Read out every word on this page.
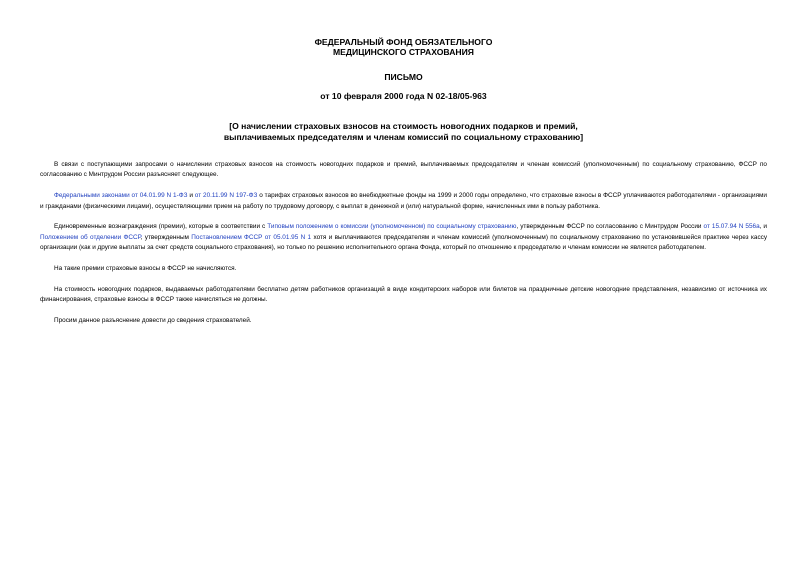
ФЕДЕРАЛЬНЫЙ ФОНД ОБЯЗАТЕЛЬНОГО
МЕДИЦИНСКОГО СТРАХОВАНИЯ
ПИСЬМО
от 10 февраля 2000 года N 02-18/05-963
[О начислении страховых взносов на стоимость новогодних подарков и премий,
выплачиваемых председателям и членам комиссий по социальному страхованию]

В связи с поступающими запросами о начислении страховых взносов на стоимость новогодних подарков и премий, выплачиваемых председателям и членам комиссий (уполномоченным) по социальному страхованию, ФССР по согласованию с Минтрудом России разъясняет следующее.

Федеральными законами от 04.01.99 N 1-ФЗ и от 20.11.99 N 197-ФЗ о тарифах страховых взносов во внебюджетные фонды на 1999 и 2000 годы определено, что страховые взносы в ФССР уплачиваются работодателями - организациями и гражданами (физическими лицами), осуществляющими прием на работу по трудовому договору, с выплат в денежной и (или) натуральной форме, начисленных ими в пользу работника.

Единовременные вознаграждения (премии), которые в соответствии с Типовым положением о комиссии (уполномоченном) по социальному страхованию, утвержденным ФССР по согласованию с Минтрудом России от 15.07.94 N 556а, и Положением об отделении ФССР, утвержденным Постановлением ФССР от 05.01.95 N 1 хотя и выплачиваются председателям и членам комиссий (уполномоченным) по социальному страхованию по установившейся практике через кассу организации (как и другие выплаты за счет средств социального страхования), но только по решению исполнительного органа Фонда, который по отношению к председателю и членам комиссии не является работодателем.

На такие премии страховые взносы в ФССР не начисляются.

На стоимость новогодних подарков, выдаваемых работодателями бесплатно детям работников организаций в виде кондитерских наборов или билетов на праздничные детские новогодние представления, независимо от источника их финансирования, страховые взносы в ФССР также начисляться не должны.

Просим данное разъяснение довести до сведения страхователей.
